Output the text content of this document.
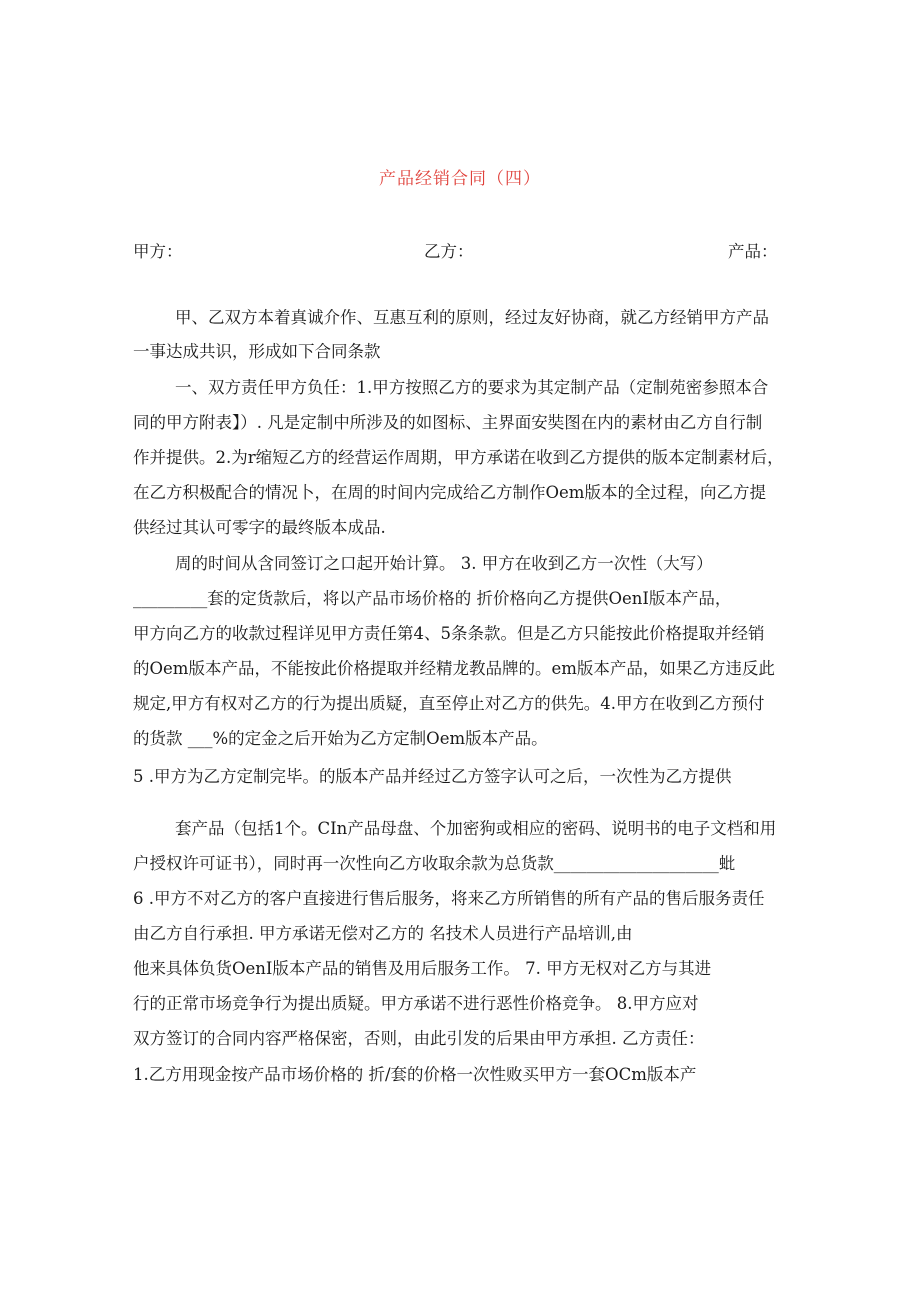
产品经销合同（四）
甲方：	乙方：	产品：
甲、乙双方本着真诚介作、互惠互利的原则，经过友好协商，就乙方经销甲方产品
一事达成共识，形成如下合同条款
一、双方责任甲方负任：1.甲方按照乙方的要求为其定制产品（定制苑密参照本合
同的甲方附表】）. 凡是定制中所涉及的如图标、主界面安奘图在内的素材由乙方自行制
作并提供。2.为r缩短乙方的经营运作周期，甲方承诺在收到乙方提供的版本定制素材后，
在乙方积极配合的情况卜，在周的时间内完成给乙方制作Oem版本的全过程，向乙方提
供经过其认可零字的最终版本成品.
周的时间从含同签订之口起开始计算。 3. 甲方在收到乙方一次性（大写）
_________套的定货款后，将以产品市场价格的 折价格向乙方提供OenI版本产品，
甲方向乙方的收款过程详见甲方责任第4、5条条款。但是乙方只能按此价格提取并经销
的Oem版本产品，不能按此价格提取并经精龙教品牌的。em版本产品，如果乙方违反此
规定,甲方有权对乙方的行为提出质疑，直至停止对乙方的供先。4.甲方在收到乙方预付
的货款 ___%的定金之后开始为乙方定制Oem版本产品。
5 .甲方为乙方定制完毕。的版本产品并经过乙方签字认可之后，一次性为乙方提供
套产品（包括1个。CIn产品母盘、个加密狗或相应的密码、说明书的电子文档和用
户授权许可证书），同时再一次性向乙方收取余款为总货款____________________蚍
6 .甲方不对乙方的客户直接进行售后服务，将来乙方所销售的所有产品的售后服务责任
由乙方自行承担. 甲方承诺无偿对乙方的 名技术人员进行产品培训,由
他来具体负货OenI版本产品的销售及用后服务工作。 7. 甲方无权对乙方与其进
行的正常市场竞争行为提出质疑。甲方承诺不进行恶性价格竞争。 8.甲方应对
双方签订的合同内容严格保密，否则，由此引发的后果由甲方承担. 乙方责任：
1.乙方用现金按产品市场价格的 折/套的价格一次性败买甲方一套OCm版本产
